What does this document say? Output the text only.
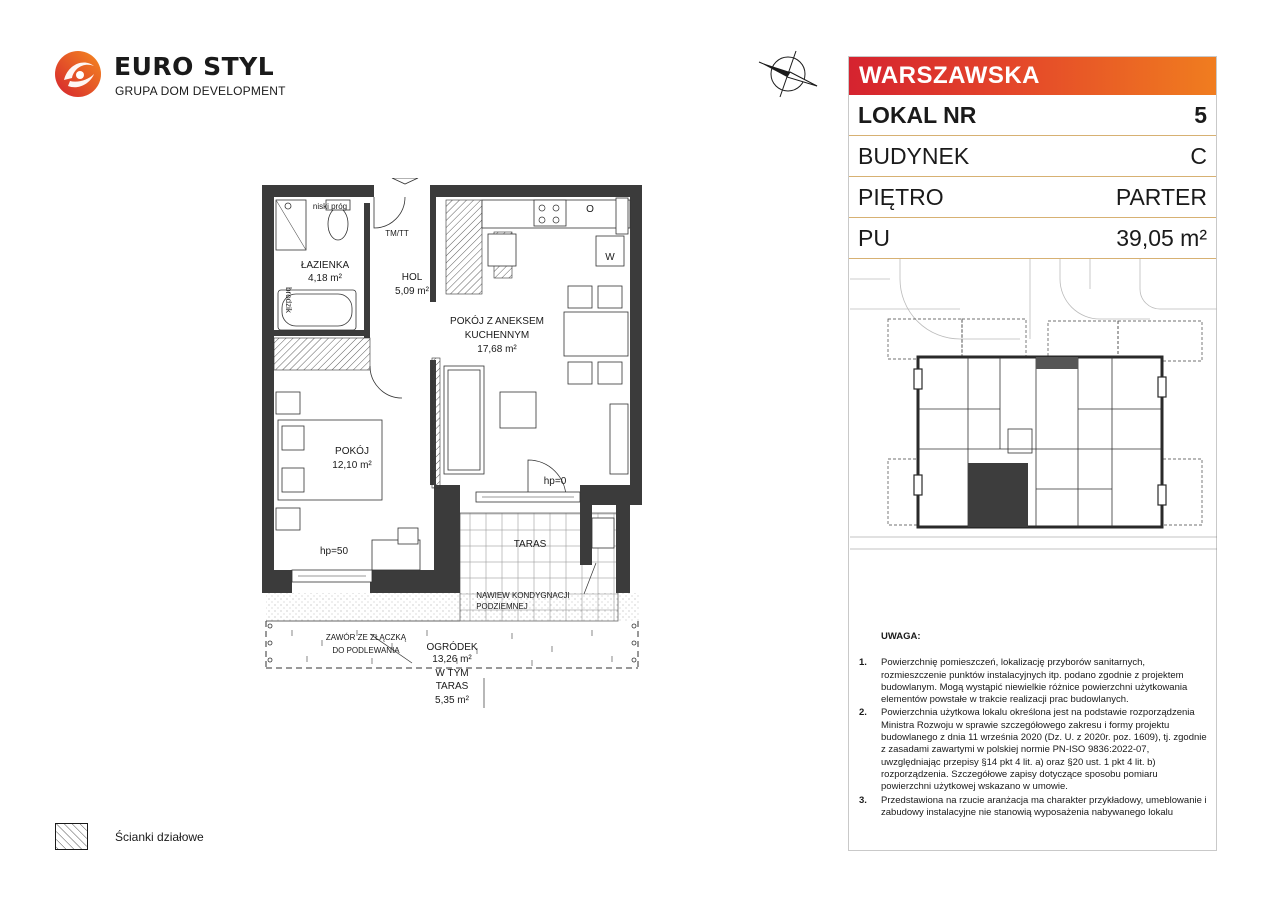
EURO STYL
GRUPA DOM DEVELOPMENT
ŁAZIENKA
4,18 m²	HOL
5,09 m²
POKÓJ Z ANEKSEM
KUCHENNYM
17,68 m²
POKÓJ
12,10 m²
TARAS
OGRÓDEK
13,26 m²
W TYM
TARAS
5,35 m²
niski próg
TM/TT
O
W
hp=0
hp=50
NAWIEW KONDYGNACJI
PODZIEMNEJ
ZAWÓR ZE ZŁĄCZKĄ
DO PODLEWANIA
brodzik
WARSZAWSKA
LOKAL NR	5
BUDYNEK	C
PIĘTRO	PARTER
PU	39,05 m²
UWAGA:
1. Powierzchnię pomieszczeń, lokalizację przyborów sanitarnych, rozmieszczenie punktów instalacyjnych itp. podano zgodnie z projektem budowlanym. Mogą wystąpić niewielkie różnice powierzchni użytkowania elementów powstałe w trakcie realizacji prac budowlanych.
2. Powierzchnia użytkowa lokalu określona jest na podstawie rozporządzenia Ministra Rozwoju w sprawie szczegółowego zakresu i formy projektu budowlanego z dnia 11 września 2020 (Dz. U. z 2020r. poz. 1609), tj. zgodnie z zasadami zawartymi w polskiej normie PN-ISO 9836:2022-07, uwzględniając przepisy §14 pkt 4 lit. a) oraz §20 ust. 1 pkt 4 lit. b) rozporządzenia. Szczegółowe zapisy dotyczące sposobu pomiaru powierzchni użytkowej wskazano w umowie.
3. Przedstawiona na rzucie aranżacja ma charakter przykładowy, umeblowanie i zabudowy instalacyjne nie stanowią wyposażenia nabywanego lokalu
Ścianki działowe
